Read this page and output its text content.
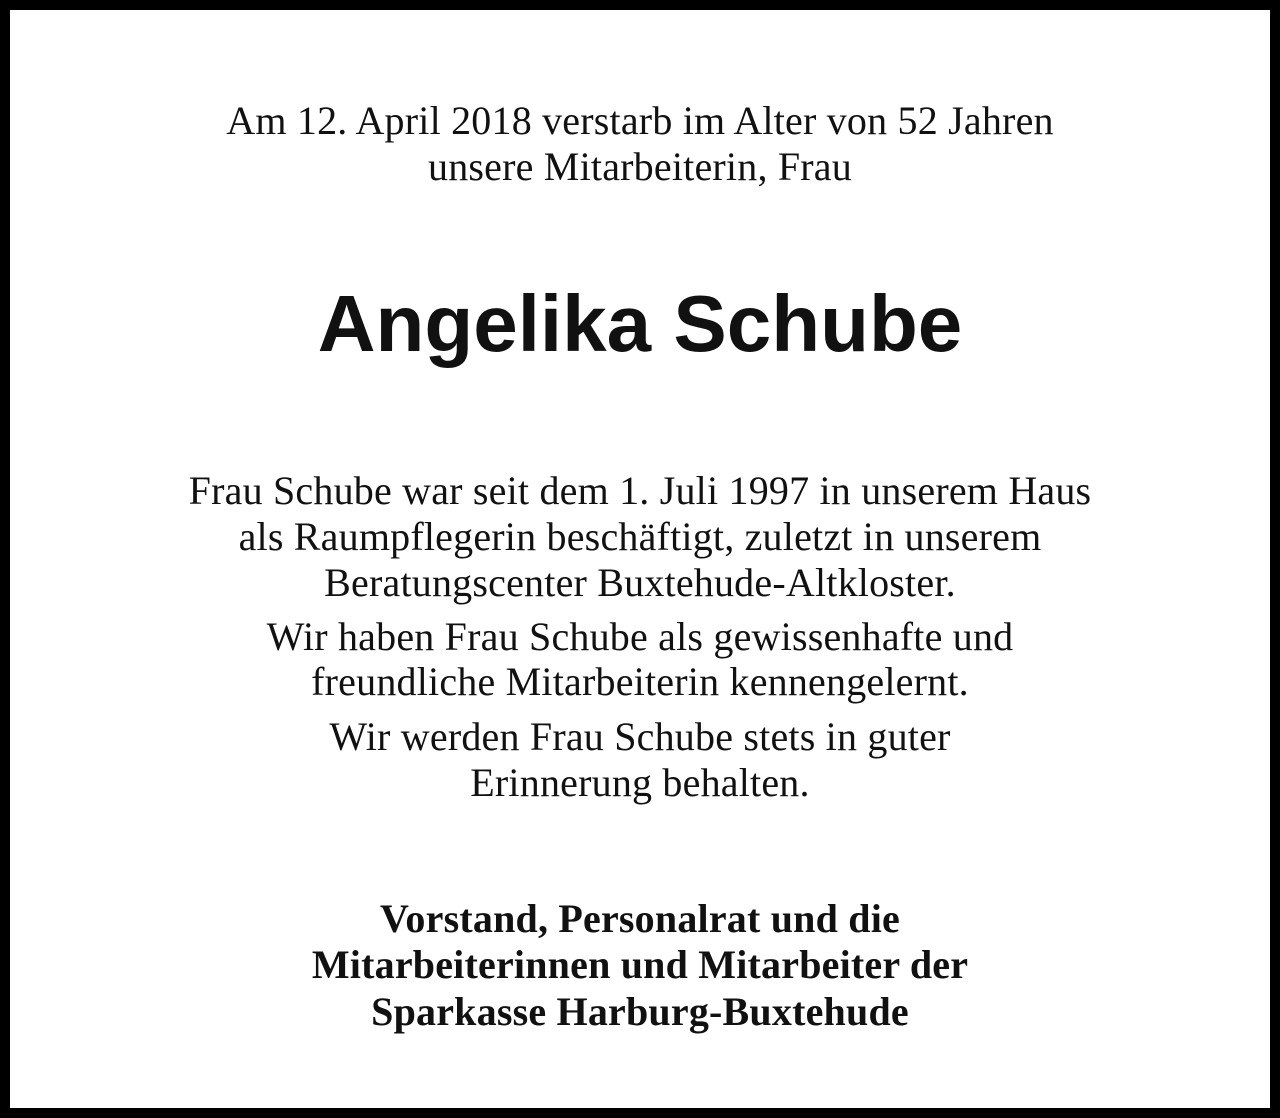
Am 12. April 2018 verstarb im Alter von 52 Jahren
unsere Mitarbeiterin, Frau
Angelika Schube
Frau Schube war seit dem 1. Juli 1997 in unserem Haus
als Raumpflegerin beschäftigt, zuletzt in unserem
Beratungscenter Buxtehude-Altkloster.
Wir haben Frau Schube als gewissenhafte und
freundliche Mitarbeiterin kennengelernt.
Wir werden Frau Schube stets in guter
Erinnerung behalten.
Vorstand, Personalrat und die
Mitarbeiterinnen und Mitarbeiter der
Sparkasse Harburg-Buxtehude
